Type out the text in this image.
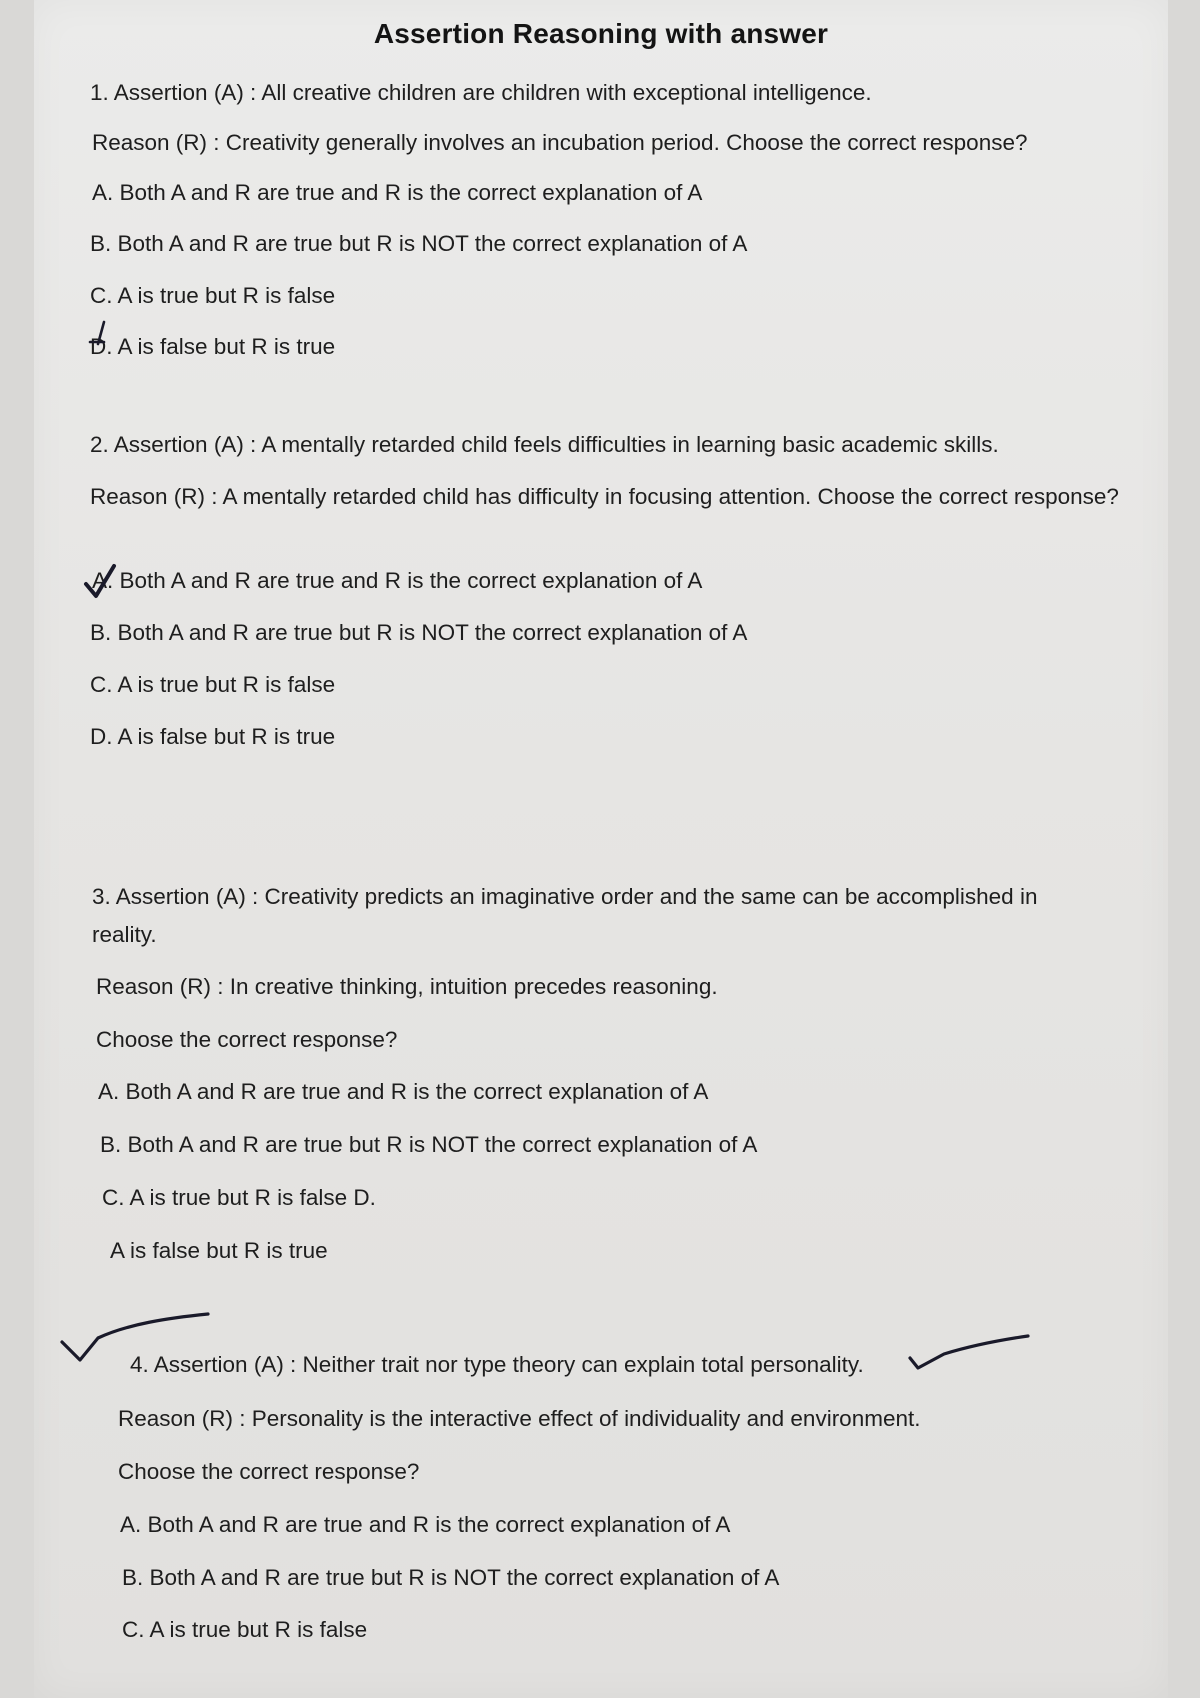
Assertion Reasoning with answer
1. Assertion (A) : All creative children are children with exceptional intelligence.
Reason (R) : Creativity generally involves an incubation period. Choose the correct response?
A. Both A and R are true and R is the correct explanation of A
B. Both A and R are true but R is NOT the correct explanation of A
C. A is true but R is false
D. A is false but R is true
2. Assertion (A) : A mentally retarded child feels difficulties in learning basic academic skills.
Reason (R) : A mentally retarded child has difficulty in focusing attention. Choose the correct response?
A. Both A and R are true and R is the correct explanation of A
B. Both A and R are true but R is NOT the correct explanation of A
C. A is true but R is false
D. A is false but R is true
3. Assertion (A) : Creativity predicts an imaginative order and the same can be accomplished in reality.
Reason (R) : In creative thinking, intuition precedes reasoning.
Choose the correct response?
A. Both A and R are true and R is the correct explanation of A
B. Both A and R are true but R is NOT the correct explanation of A
C. A is true but R is false D.
A is false but R is true
4. Assertion (A) : Neither trait nor type theory can explain total personality.
Reason (R) : Personality is the interactive effect of individuality and environment.
Choose the correct response?
A. Both A and R are true and R is the correct explanation of A
B. Both A and R are true but R is NOT the correct explanation of A
C. A is true but R is false
